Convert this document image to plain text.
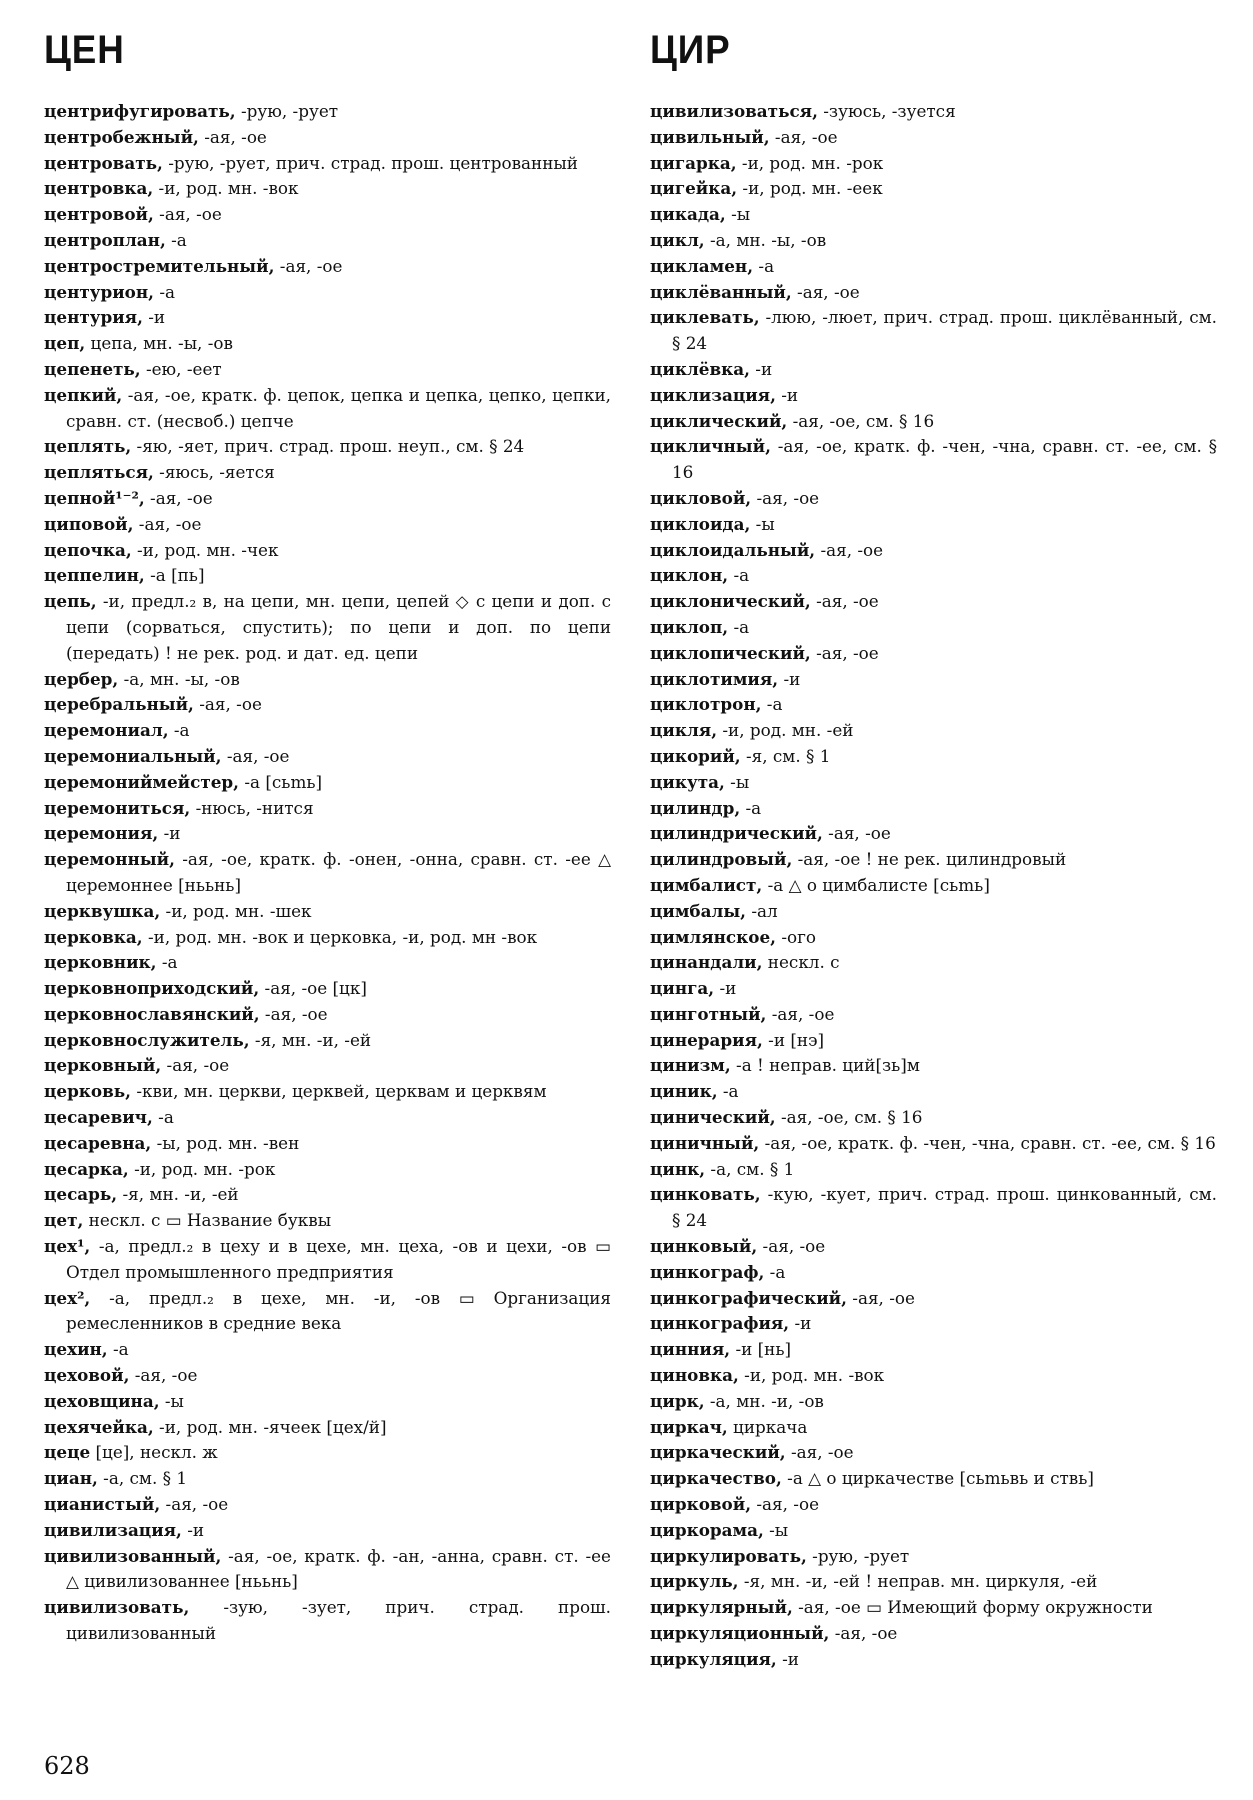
ЦЕН	ЦИР
центрифугировать, -рую, -рует
центробежный, -ая, -ое
центровать, -рую, -рует, прич. страд. прош. центрованный
центровка, -и, род. мн. -вок
центровой, -ая, -ое
центроплан, -а
центростремительный, -ая, -ое
центурион, -а
центурия, -и
цеп, цепа, мн. -ы, -ов
цепенеть, -ею, -еет
цепкий, -ая, -ое, кратк. ф. цепок, цепка и цепка, цепко, цепки, сравн. ст. (несвоб.) цепче
цеплять, -яю, -яет, прич. страд. прош. неуп., см. § 24
цепляться, -яюсь, -яется
цепной¹⁻², -ая, -ое
циповой, -ая, -ое
цепочка, -и, род. мн. -чек
цеппелин, -а [пь]
цепь, -и, предл.₂ в, на цепи, мн. цепи, цепей ◇ с цепи и доп. с цепи (сорваться, спустить); по цепи и доп. по цепи (передать) ! не рек. род. и дат. ед. цепи
цербер, -а, мн. -ы, -ов
церебральный, -ая, -ое
церемониал, -а
церемониальный, -ая, -ое
церемониймейстер, -а [cьmь]
церемониться, -нюсь, -нится
церемония, -и
церемонный, -ая, -ое, кратк. ф. -онен, -онна, сравн. ст. -ее △ церемоннее [нььнь]
церквушка, -и, род. мн. -шек
церковка, -и, род. мн. -вок и церковка, -и, род. мн -вок
церковник, -а
церковноприходский, -ая, -ое [цк]
церковнославянский, -ая, -ое
церковнослужитель, -я, мн. -и, -ей
церковный, -ая, -ое
церковь, -кви, мн. церкви, церквей, церквам и церквям
цесаревич, -а
цесаревна, -ы, род. мн. -вен
цесарка, -и, род. мн. -рок
цесарь, -я, мн. -и, -ей
цет, нескл. с ▭ Название буквы
цех¹, -а, предл.₂ в цеху и в цехе, мн. цеха, -ов и цехи, -ов ▭ Отдел промышленного предприятия
цех², -а, предл.₂ в цехе, мн. -и, -ов ▭ Организация ремесленников в средние века
цехин, -а
цеховой, -ая, -ое
цеховщина, -ы
цехячейка, -и, род. мн. -ячеек [цех/й]
цеце [це], нескл. ж
циан, -а, см. § 1
цианистый, -ая, -ое
цивилизация, -и
цивилизованный, -ая, -ое, кратк. ф. -ан, -анна, сравн. ст. -ее △ цивилизованнее [нььнь]
цивилизовать, -зую, -зует, прич. страд. прош. цивилизованный
цивилизоваться, -зуюсь, -зуется
цивильный, -ая, -ое
цигарка, -и, род. мн. -рок
цигейка, -и, род. мн. -еек
цикада, -ы
цикл, -а, мн. -ы, -ов
цикламен, -а
циклёванный, -ая, -ое
циклевать, -люю, -люет, прич. страд. прош. циклёванный, см. § 24
циклёвка, -и
циклизация, -и
циклический, -ая, -ое, см. § 16
цикличный, -ая, -ое, кратк. ф. -чен, -чна, сравн. ст. -ее, см. § 16
цикловой, -ая, -ое
циклоида, -ы
циклоидальный, -ая, -ое
циклон, -а
циклонический, -ая, -ое
циклоп, -а
циклопический, -ая, -ое
циклотимия, -и
циклотрон, -а
цикля, -и, род. мн. -ей
цикорий, -я, см. § 1
цикута, -ы
цилиндр, -а
цилиндрический, -ая, -ое
цилиндровый, -ая, -ое ! не рек. цилиндровый
цимбалист, -а △ о цимбалисте [cьmь]
цимбалы, -ал
цимлянское, -ого
цинандали, нескл. с
цинга, -и
цинготный, -ая, -ое
цинерария, -и [нэ]
цинизм, -а ! неправ. ций[зь]м
циник, -а
цинический, -ая, -ое, см. § 16
циничный, -ая, -ое, кратк. ф. -чен, -чна, сравн. ст. -ее, см. § 16
цинк, -а, см. § 1
цинковать, -кую, -кует, прич. страд. прош. цинкованный, см. § 24
цинковый, -ая, -ое
цинкограф, -а
цинкографический, -ая, -ое
цинкография, -и
цинния, -и [нь]
циновка, -и, род. мн. -вок
цирк, -а, мн. -и, -ов
циркач, циркача
циркаческий, -ая, -ое
циркачество, -а △ о циркачестве [cьmьвь и ствь]
цирковой, -ая, -ое
циркорама, -ы
циркулировать, -рую, -рует
циркуль, -я, мн. -и, -ей ! неправ. мн. циркуля, -ей
циркулярный, -ая, -ое ▭ Имеющий форму окружности
циркуляционный, -ая, -ое
циркуляция, -и
628
